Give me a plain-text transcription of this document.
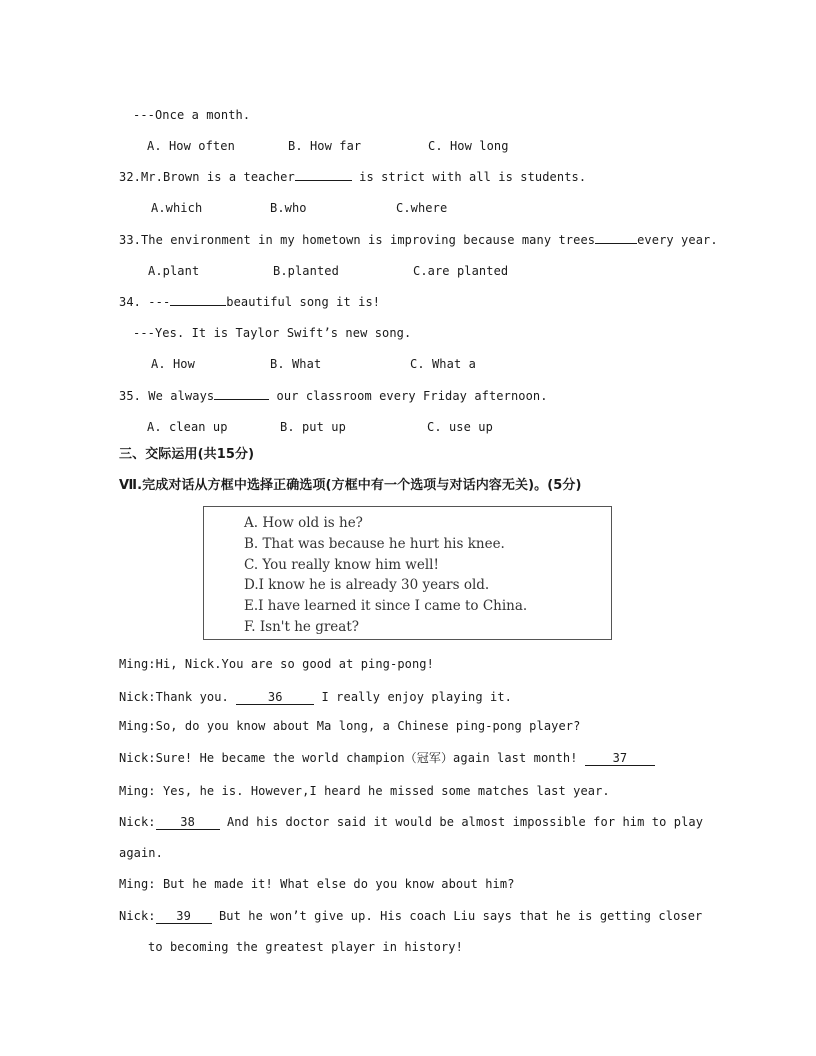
---Once a month.
A. How often	B. How far	C. How long
32.Mr.Brown is a teacher	is strict with all is students.
A.which	B.who	C.where
33.The environment in my hometown is improving because many trees	every year.
A.plant	B.planted	C.are planted
34. ---	beautiful song it is!
---Yes. It is Taylor Swift’s new song.
A. How	B. What	C. What a
35. We always	our classroom every Friday afternoon.
A. clean up	B. put up	C. use up
三、交际运用(共15分)
Ⅶ.完成对话从方框中选择正确选项(方框中有一个选项与对话内容无关)。(5分)
A. How old is he?
B. That was because he hurt his knee.
C. You really know him well!
D.I know he is already 30 years old.
E.I have learned it since I came to China.
F. Isn't he great?
Ming:Hi, Nick.You are so good at ping-pong!
Nick:Thank you.	36	I really enjoy playing it.
Ming:So, do you know about Ma long, a Chinese ping-pong player?
Nick:Sure! He became the world champion（冠军）again last month! 37
Ming: Yes, he is. However,I heard he missed some matches last year.
Nick: 38 And his doctor said it would be almost impossible for him to play
again.
Ming: But he made it! What else do you know about him?
Nick: 39 But he won’t give up. His coach Liu says that he is getting closer
to becoming the greatest player in history!
